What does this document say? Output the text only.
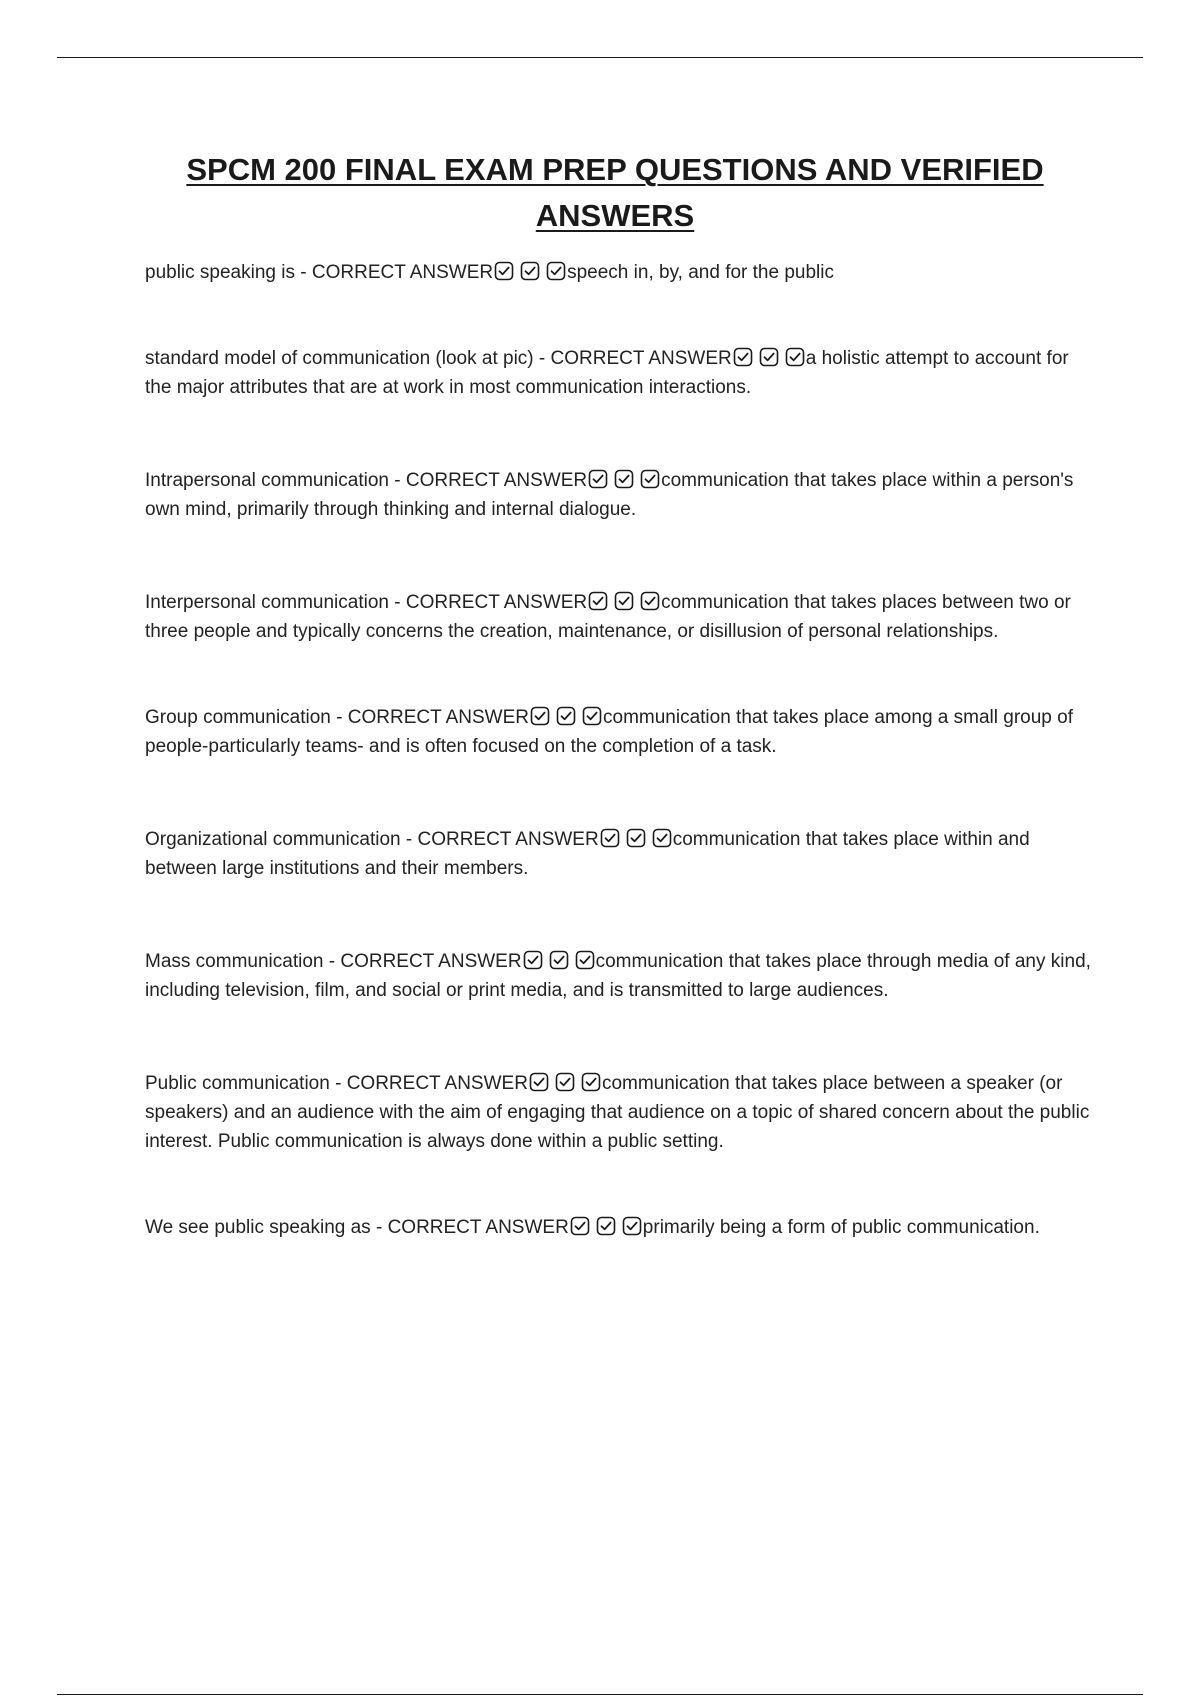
SPCM 200 FINAL EXAM PREP QUESTIONS AND VERIFIED ANSWERS

public speaking is - CORRECT ANSWER	speech in, by, and for the public

standard model of communication (look at pic) - CORRECT ANSWER	a holistic attempt to account for the major attributes that are at work in most communication interactions.

Intrapersonal communication - CORRECT ANSWER	communication that takes place within a person's own mind, primarily through thinking and internal dialogue.

Interpersonal communication - CORRECT ANSWER	communication that takes places between two or three people and typically concerns the creation, maintenance, or disillusion of personal relationships.

Group communication - CORRECT ANSWER	communication that takes place among a small group of people-particularly teams- and is often focused on the completion of a task.

Organizational communication - CORRECT ANSWER	communication that takes place within and between large institutions and their members.

Mass communication - CORRECT ANSWER	communication that takes place through media of any kind, including television, film, and social or print media, and is transmitted to large audiences.

Public communication - CORRECT ANSWER	communication that takes place between a speaker (or speakers) and an audience with the aim of engaging that audience on a topic of shared concern about the public interest. Public communication is always done within a public setting.

We see public speaking as - CORRECT ANSWER	primarily being a form of public communication.
